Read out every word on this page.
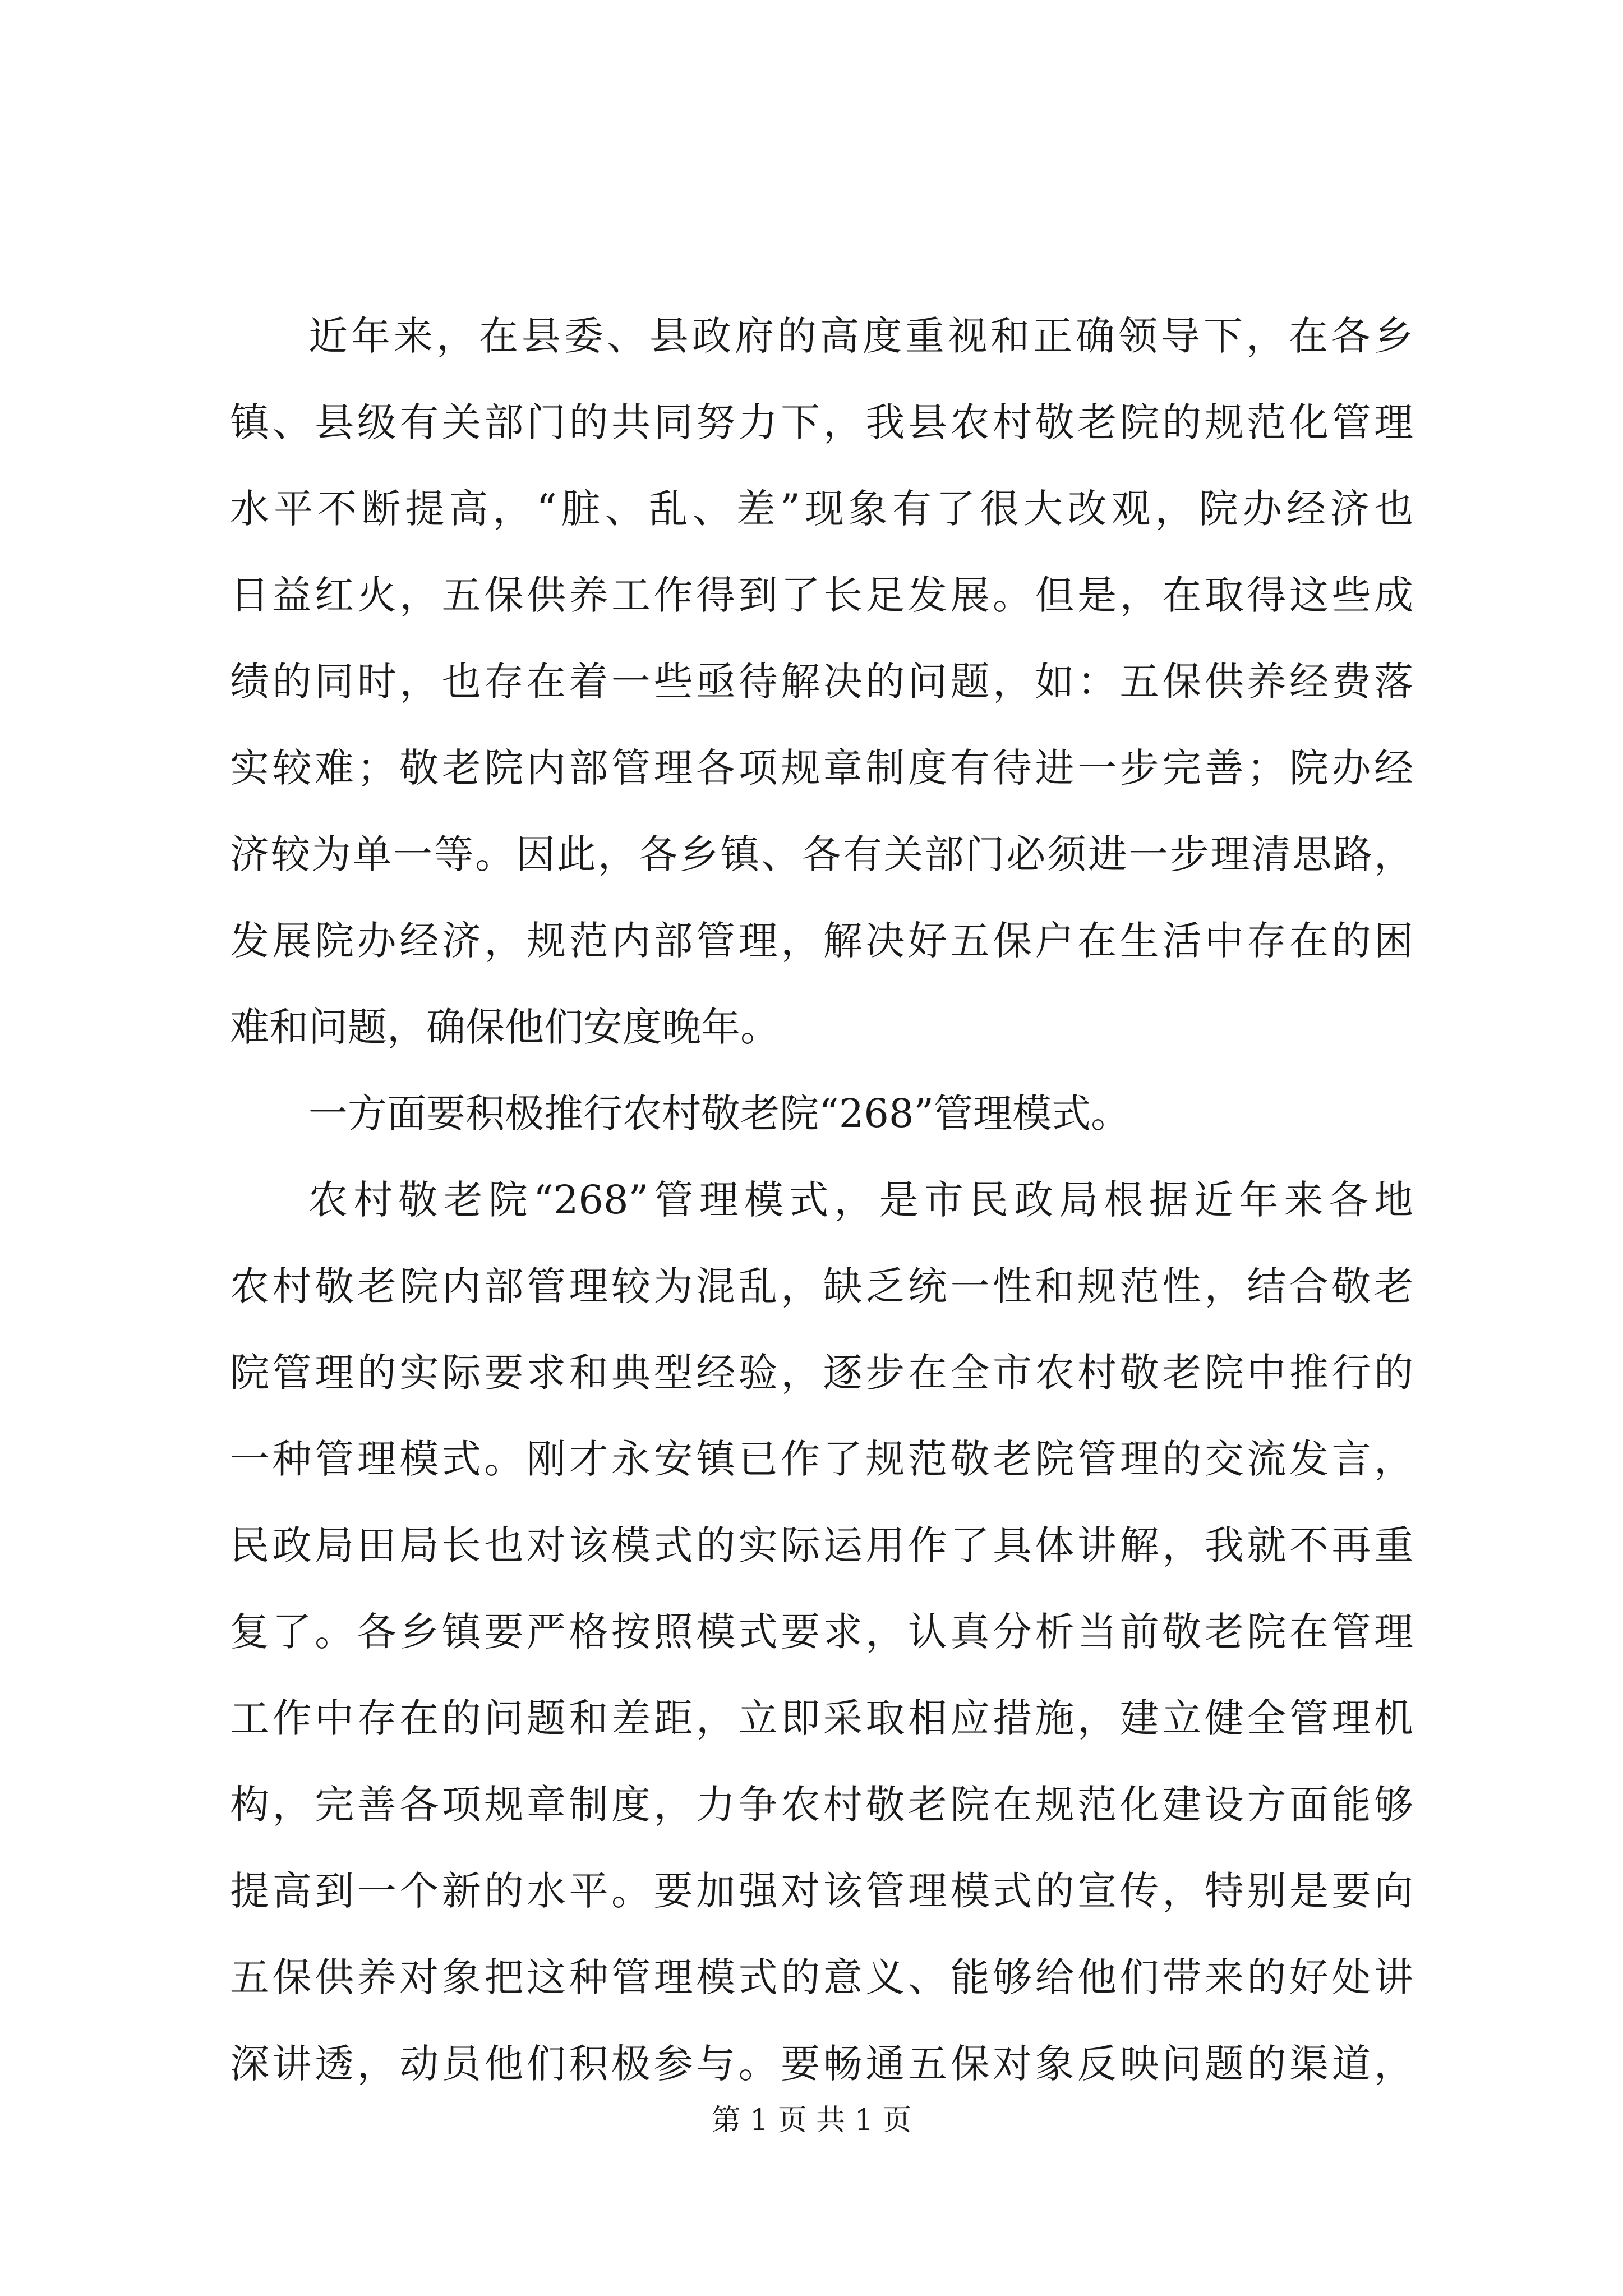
近年来，在县委、县政府的高度重视和正确领导下，在各乡
镇、县级有关部门的共同努力下，我县农村敬老院的规范化管理
水平不断提高，“脏、乱、差”现象有了很大改观，院办经济也
日益红火，五保供养工作得到了长足发展。但是，在取得这些成
绩的同时，也存在着一些亟待解决的问题，如：五保供养经费落
实较难；敬老院内部管理各项规章制度有待进一步完善；院办经
济较为单一等。因此，各乡镇、各有关部门必须进一步理清思路，
发展院办经济，规范内部管理，解决好五保户在生活中存在的困
难和问题，确保他们安度晚年。
一方面要积极推行农村敬老院“268”管理模式。
农村敬老院“268”管理模式，是市民政局根据近年来各地
农村敬老院内部管理较为混乱，缺乏统一性和规范性，结合敬老
院管理的实际要求和典型经验，逐步在全市农村敬老院中推行的
一种管理模式。刚才永安镇已作了规范敬老院管理的交流发言，
民政局田局长也对该模式的实际运用作了具体讲解，我就不再重
复了。各乡镇要严格按照模式要求，认真分析当前敬老院在管理
工作中存在的问题和差距，立即采取相应措施，建立健全管理机
构，完善各项规章制度，力争农村敬老院在规范化建设方面能够
提高到一个新的水平。要加强对该管理模式的宣传，特别是要向
五保供养对象把这种管理模式的意义、能够给他们带来的好处讲
深讲透，动员他们积极参与。要畅通五保对象反映问题的渠道，
第 1 页 共 1 页
